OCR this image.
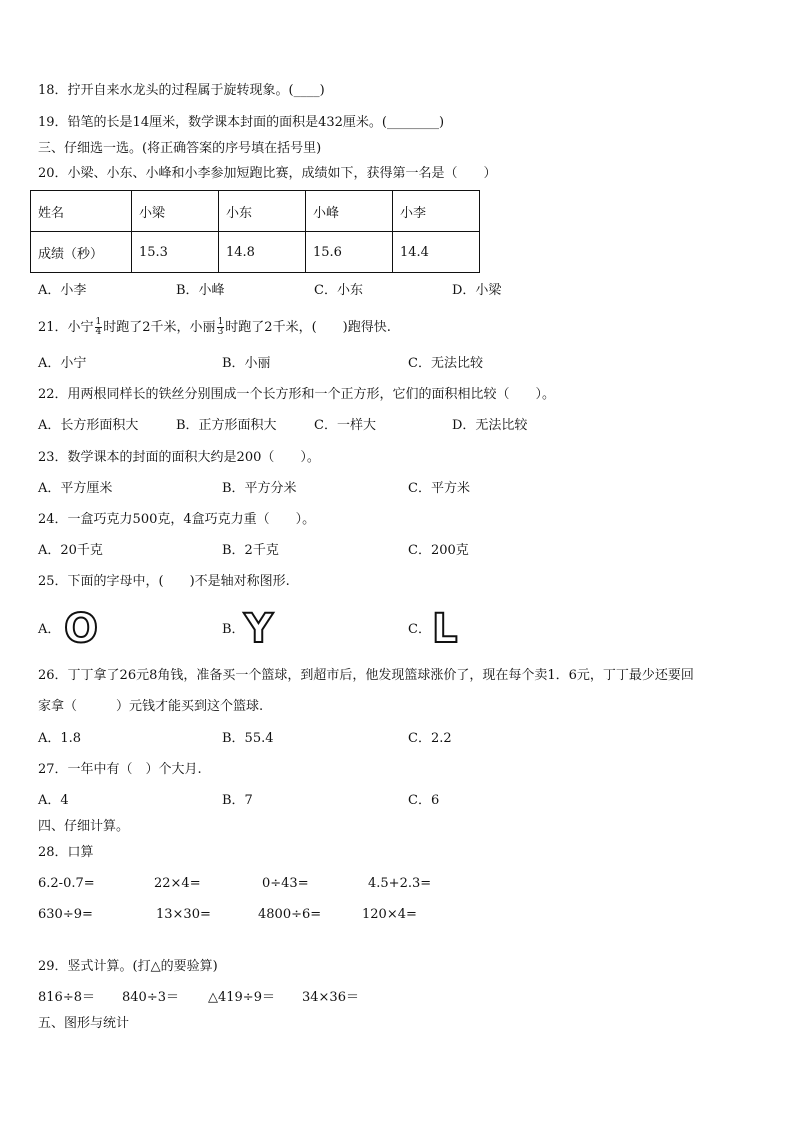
18．拧开自来水龙头的过程属于旋转现象。(____)
19．铅笔的长是14厘米，数学课本封面的面积是432厘米。(________)
三、仔细选一选。(将正确答案的序号填在括号里)
20．小梁、小东、小峰和小李参加短跑比赛，成绩如下，获得第一名是（　　）
姓名	小梁	小东	小峰	小李
成绩（秒）	15.3	14.8	15.6	14.4
A．小李	B．小峰	C．小东	D．小梁
21．小宁 $\frac{1}{4}$ 时跑了2千米，小丽 $\frac{1}{3}$ 时跑了2千米，(　　)跑得快.
A．小宁	B．小丽	C．无法比较
22．用两根同样长的铁丝分别围成一个长方形和一个正方形，它们的面积相比较（　　）。
A．长方形面积大	B．正方形面积大	C．一样大	D．无法比较
23．数学课本的封面的面积大约是200（　　）。
A．平方厘米	B．平方分米	C．平方米
24．一盒巧克力500克，4盒巧克力重（　　）。
A．20千克	B．2千克	C．200克
25．下面的字母中，(　　)不是轴对称图形.
A． O	B． Y	C． L
26．丁丁拿了26元8角钱，准备买一个篮球，到超市后，他发现篮球涨价了，现在每个卖1．6元，丁丁最少还要回
家拿（　　　）元钱才能买到这个篮球.
A．1.8	B．55.4	C．2.2
27．一年中有（　）个大月.
A．4	B．7	C．6
四、仔细计算。
28．口算
6.2-0.7=	22×4=	0÷43=	4.5+2.3=
630÷9=	13×30=	4800÷6=	120×4=
29．竖式计算。(打△的要验算)
816÷8＝ 840÷3＝ △419÷9＝ 34×36＝
五、图形与统计
